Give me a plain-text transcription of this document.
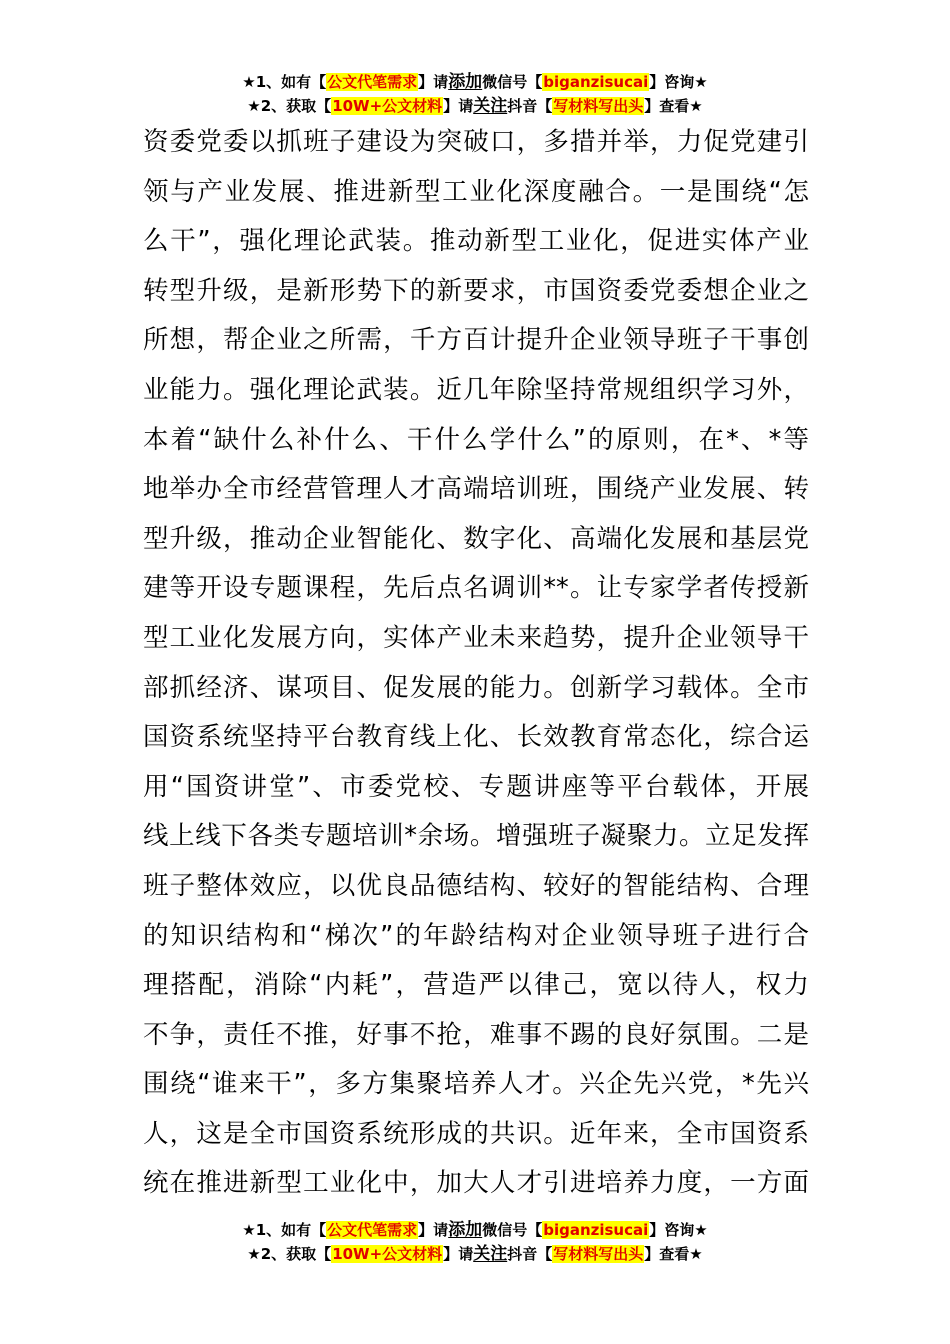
★1、如有【公文代笔需求】请添加微信号【biganzisucai】咨询★
★2、获取【10W+公文材料】请关注抖音【写材料写出头】查看★
资委党委以抓班子建设为突破口，多措并举，力促党建引
领与产业发展、推进新型工业化深度融合。一是围绕“怎
么干”，强化理论武装。推动新型工业化，促进实体产业
转型升级，是新形势下的新要求，市国资委党委想企业之
所想，帮企业之所需，千方百计提升企业领导班子干事创
业能力。强化理论武装。近几年除坚持常规组织学习外，
本着“缺什么补什么、干什么学什么”的原则，在*、*等
地举办全市经营管理人才高端培训班，围绕产业发展、转
型升级，推动企业智能化、数字化、高端化发展和基层党
建等开设专题课程，先后点名调训**。让专家学者传授新
型工业化发展方向，实体产业未来趋势，提升企业领导干
部抓经济、谋项目、促发展的能力。创新学习载体。全市
国资系统坚持平台教育线上化、长效教育常态化，综合运
用“国资讲堂”、市委党校、专题讲座等平台载体，开展
线上线下各类专题培训*余场。增强班子凝聚力。立足发挥
班子整体效应，以优良品德结构、较好的智能结构、合理
的知识结构和“梯次”的年龄结构对企业领导班子进行合
理搭配，消除“内耗”，营造严以律己，宽以待人，权力
不争，责任不推，好事不抢，难事不踢的良好氛围。二是
围绕“谁来干”，多方集聚培养人才。兴企先兴党，*先兴
人，这是全市国资系统形成的共识。近年来，全市国资系
统在推进新型工业化中，加大人才引进培养力度，一方面
★1、如有【公文代笔需求】请添加微信号【biganzisucai】咨询★
★2、获取【10W+公文材料】请关注抖音【写材料写出头】查看★
